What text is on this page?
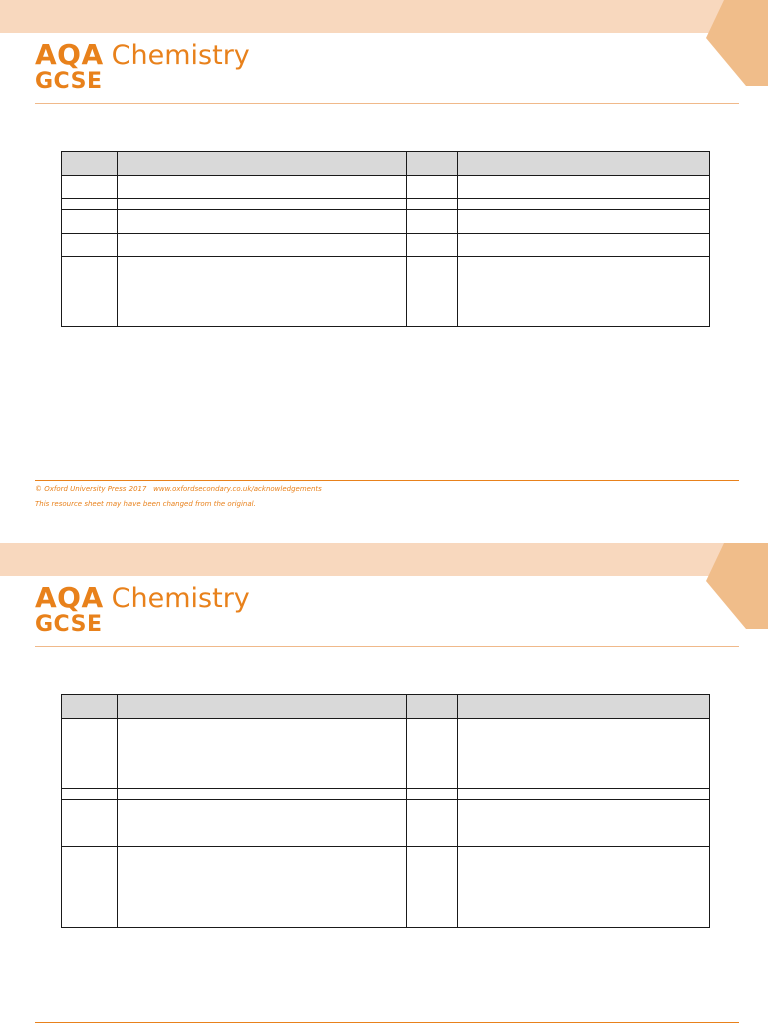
AQA Chemistry
GCSE

© Oxford University Press 2017 www.oxfordsecondary.co.uk/acknowledgements
This resource sheet may have been changed from the original.
AQA Chemistry
GCSE
